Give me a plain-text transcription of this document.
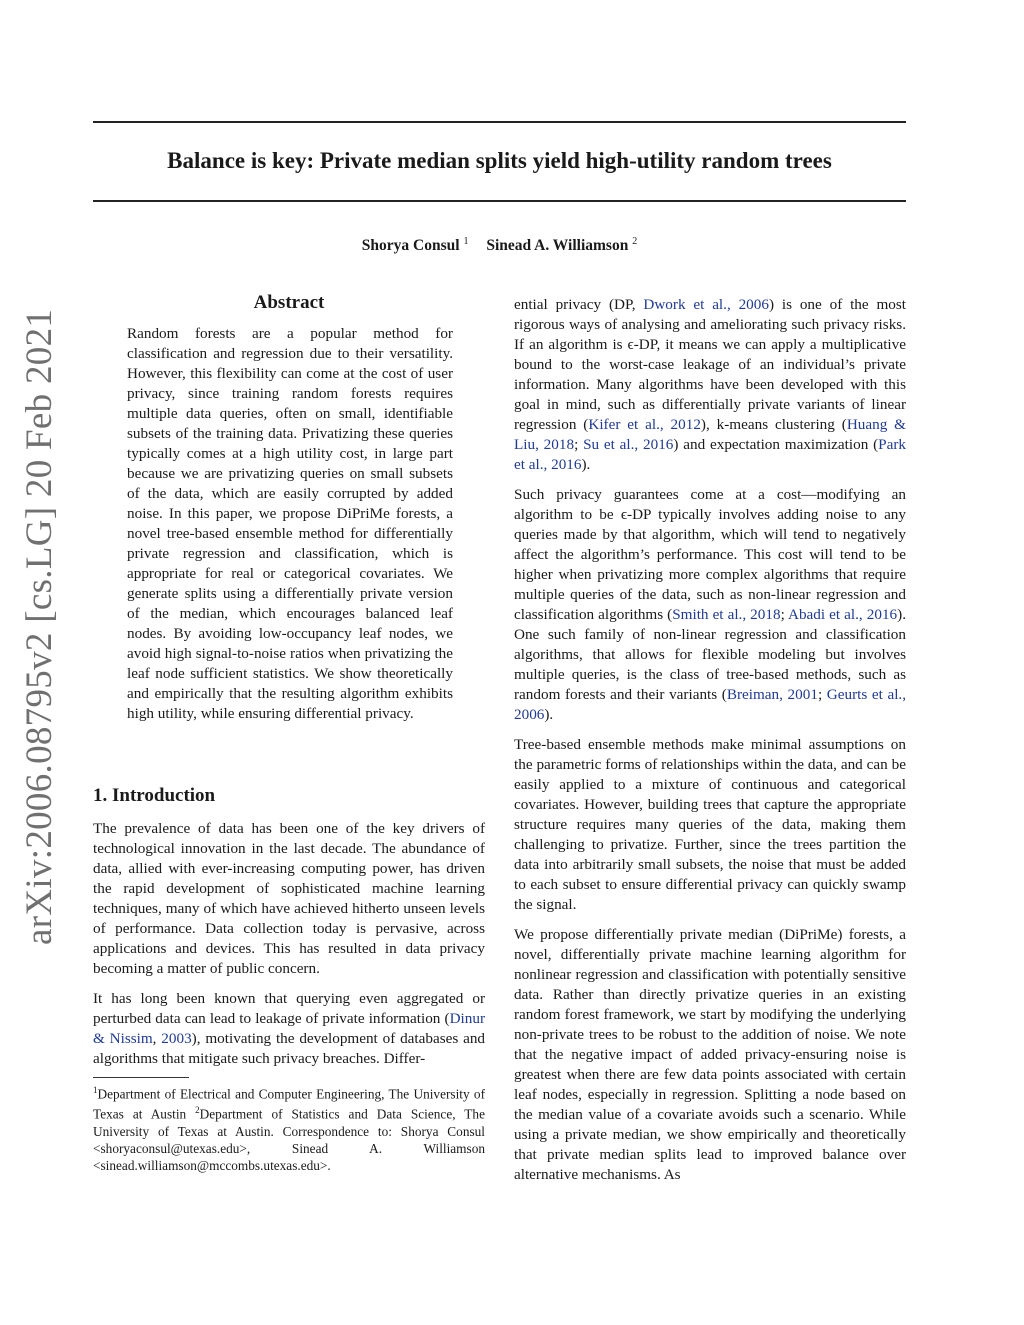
Balance is key: Private median splits yield high-utility random trees
Shorya Consul $^1$ Sinead A. Williamson $^2$
arXiv:2006.08795v2 [cs.LG] 20 Feb 2021
Abstract

Random forests are a popular method for classification and regression due to their versatility. However, this flexibility can come at the cost of user privacy, since training random forests requires multiple data queries, often on small, identifiable subsets of the training data. Privatizing these queries typically comes at a high utility cost, in large part because we are privatizing queries on small subsets of the data, which are easily corrupted by added noise. In this paper, we propose DiPriMe forests, a novel tree-based ensemble method for differentially private regression and classification, which is appropriate for real or categorical covariates. We generate splits using a differentially private version of the median, which encourages balanced leaf nodes. By avoiding low-occupancy leaf nodes, we avoid high signal-to-noise ratios when privatizing the leaf node sufficient statistics. We show theoretically and empirically that the resulting algorithm exhibits high utility, while ensuring differential privacy.

1. Introduction

The prevalence of data has been one of the key drivers of technological innovation in the last decade. The abundance of data, allied with ever-increasing computing power, has driven the rapid development of sophisticated machine learning techniques, many of which have achieved hitherto unseen levels of performance. Data collection today is pervasive, across applications and devices. This has resulted in data privacy becoming a matter of public concern.

It has long been known that querying even aggregated or perturbed data can lead to leakage of private information (Dinur & Nissim, 2003), motivating the development of databases and algorithms that mitigate such privacy breaches. Differ-

$^1$Department of Electrical and Computer Engineering, The University of Texas at Austin $^2$Department of Statistics and Data Science, The University of Texas at Austin. Correspondence to: Shorya Consul <shoryaconsul@utexas.edu>, Sinead A. Williamson <sinead.williamson@mccombs.utexas.edu>.

ential privacy (DP, Dwork et al., 2006) is one of the most rigorous ways of analysing and ameliorating such privacy risks. If an algorithm is ϵ-DP, it means we can apply a multiplicative bound to the worst-case leakage of an individual’s private information. Many algorithms have been developed with this goal in mind, such as differentially private variants of linear regression (Kifer et al., 2012), k-means clustering (Huang & Liu, 2018; Su et al., 2016) and expectation maximization (Park et al., 2016).

Such privacy guarantees come at a cost—modifying an algorithm to be ϵ-DP typically involves adding noise to any queries made by that algorithm, which will tend to negatively affect the algorithm’s performance. This cost will tend to be higher when privatizing more complex algorithms that require multiple queries of the data, such as non-linear regression and classification algorithms (Smith et al., 2018; Abadi et al., 2016). One such family of non-linear regression and classification algorithms, that allows for flexible modeling but involves multiple queries, is the class of tree-based methods, such as random forests and their variants (Breiman, 2001; Geurts et al., 2006).

Tree-based ensemble methods make minimal assumptions on the parametric forms of relationships within the data, and can be easily applied to a mixture of continuous and categorical covariates. However, building trees that capture the appropriate structure requires many queries of the data, making them challenging to privatize. Further, since the trees partition the data into arbitrarily small subsets, the noise that must be added to each subset to ensure differential privacy can quickly swamp the signal.

We propose differentially private median (DiPriMe) forests, a novel, differentially private machine learning algorithm for nonlinear regression and classification with potentially sensitive data. Rather than directly privatize queries in an existing random forest framework, we start by modifying the underlying non-private trees to be robust to the addition of noise. We note that the negative impact of added privacy-ensuring noise is greatest when there are few data points associated with certain leaf nodes, especially in regression. Splitting a node based on the median value of a covariate avoids such a scenario. While using a private median, we show empirically and theoretically that private median splits lead to improved balance over alternative mechanisms. As
